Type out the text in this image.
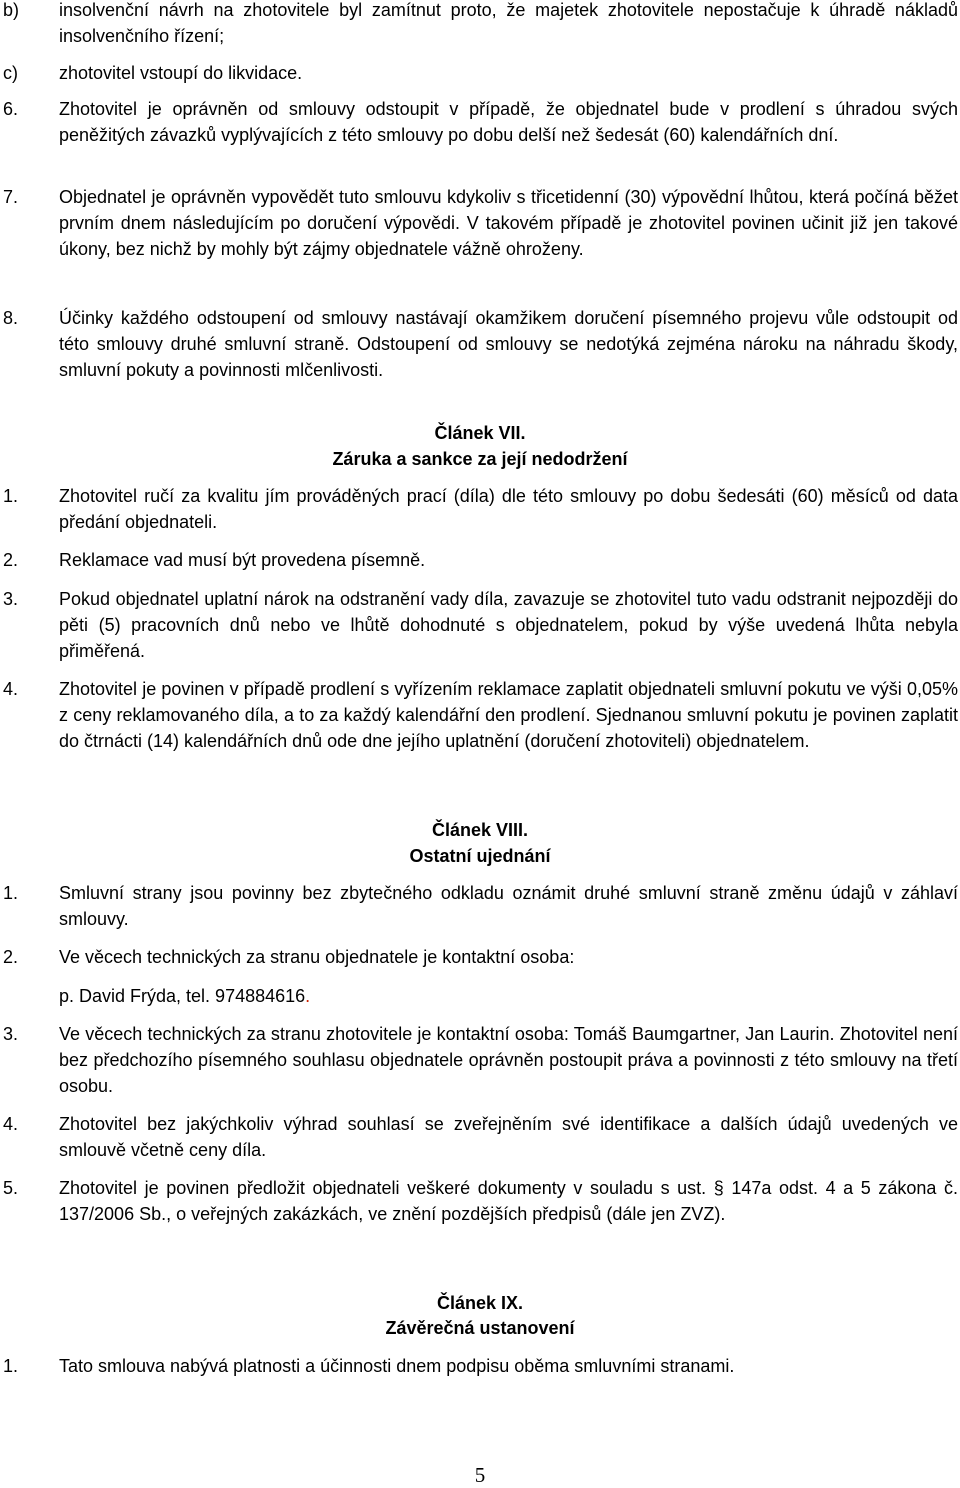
b)	insolvenční návrh na zhotovitele byl zamítnut proto, že majetek zhotovitele nepostačuje k úhradě nákladů insolvenčního řízení;
c)	zhotovitel vstoupí do likvidace.
6.	Zhotovitel je oprávněn od smlouvy odstoupit v případě, že objednatel bude v prodlení s úhradou svých peněžitých závazků vyplývajících z této smlouvy po dobu delší než šedesát (60) kalendářních dní.
7.	Objednatel je oprávněn vypovědět tuto smlouvu kdykoliv s třicetidenní (30) výpovědní lhůtou, která počíná běžet prvním dnem následujícím po doručení výpovědi. V takovém případě je zhotovitel povinen učinit již jen takové úkony, bez nichž by mohly být zájmy objednatele vážně ohroženy.
8.	Účinky každého odstoupení od smlouvy nastávají okamžikem doručení písemného projevu vůle odstoupit od této smlouvy druhé smluvní straně. Odstoupení od smlouvy se nedotýká zejména nároku na náhradu škody, smluvní pokuty a povinnosti mlčenlivosti.
Článek VII.
Záruka a sankce za její nedodržení
1.	Zhotovitel ručí za kvalitu jím prováděných prací (díla) dle této smlouvy po dobu šedesáti (60) měsíců od data předání objednateli.
2.	Reklamace vad musí být provedena písemně.
3.	Pokud objednatel uplatní nárok na odstranění vady díla, zavazuje se zhotovitel tuto vadu odstranit nejpozději do pěti (5) pracovních dnů nebo ve lhůtě dohodnuté s objednatelem, pokud by výše uvedená lhůta nebyla přiměřená.
4.	Zhotovitel je povinen v případě prodlení s vyřízením reklamace zaplatit objednateli smluvní pokutu ve výši 0,05% z ceny reklamovaného díla, a to za každý kalendářní den prodlení. Sjednanou smluvní pokutu je povinen zaplatit do čtrnácti (14) kalendářních dnů ode dne jejího uplatnění (doručení zhotoviteli) objednatelem.
Článek VIII.
Ostatní ujednání
1.	Smluvní strany jsou povinny bez zbytečného odkladu oznámit druhé smluvní straně změnu údajů v záhlaví smlouvy.
2.	Ve věcech technických za stranu objednatele je kontaktní osoba:
p. David Frýda, tel. 974884616.
3.	Ve věcech technických za stranu zhotovitele je kontaktní osoba: Tomáš Baumgartner, Jan Laurin. Zhotovitel není bez předchozího písemného souhlasu objednatele oprávněn postoupit práva a povinnosti z této smlouvy na třetí osobu.
4.	Zhotovitel bez jakýchkoliv výhrad souhlasí se zveřejněním své identifikace a dalších údajů uvedených ve smlouvě včetně ceny díla.
5.	Zhotovitel je povinen předložit objednateli veškeré dokumenty v souladu s ust. § 147a odst. 4 a 5 zákona č. 137/2006 Sb., o veřejných zakázkách, ve znění pozdějších předpisů (dále jen ZVZ).
Článek IX.
Závěrečná ustanovení
1.	Tato smlouva nabývá platnosti a účinnosti dnem podpisu oběma smluvními stranami.
5
